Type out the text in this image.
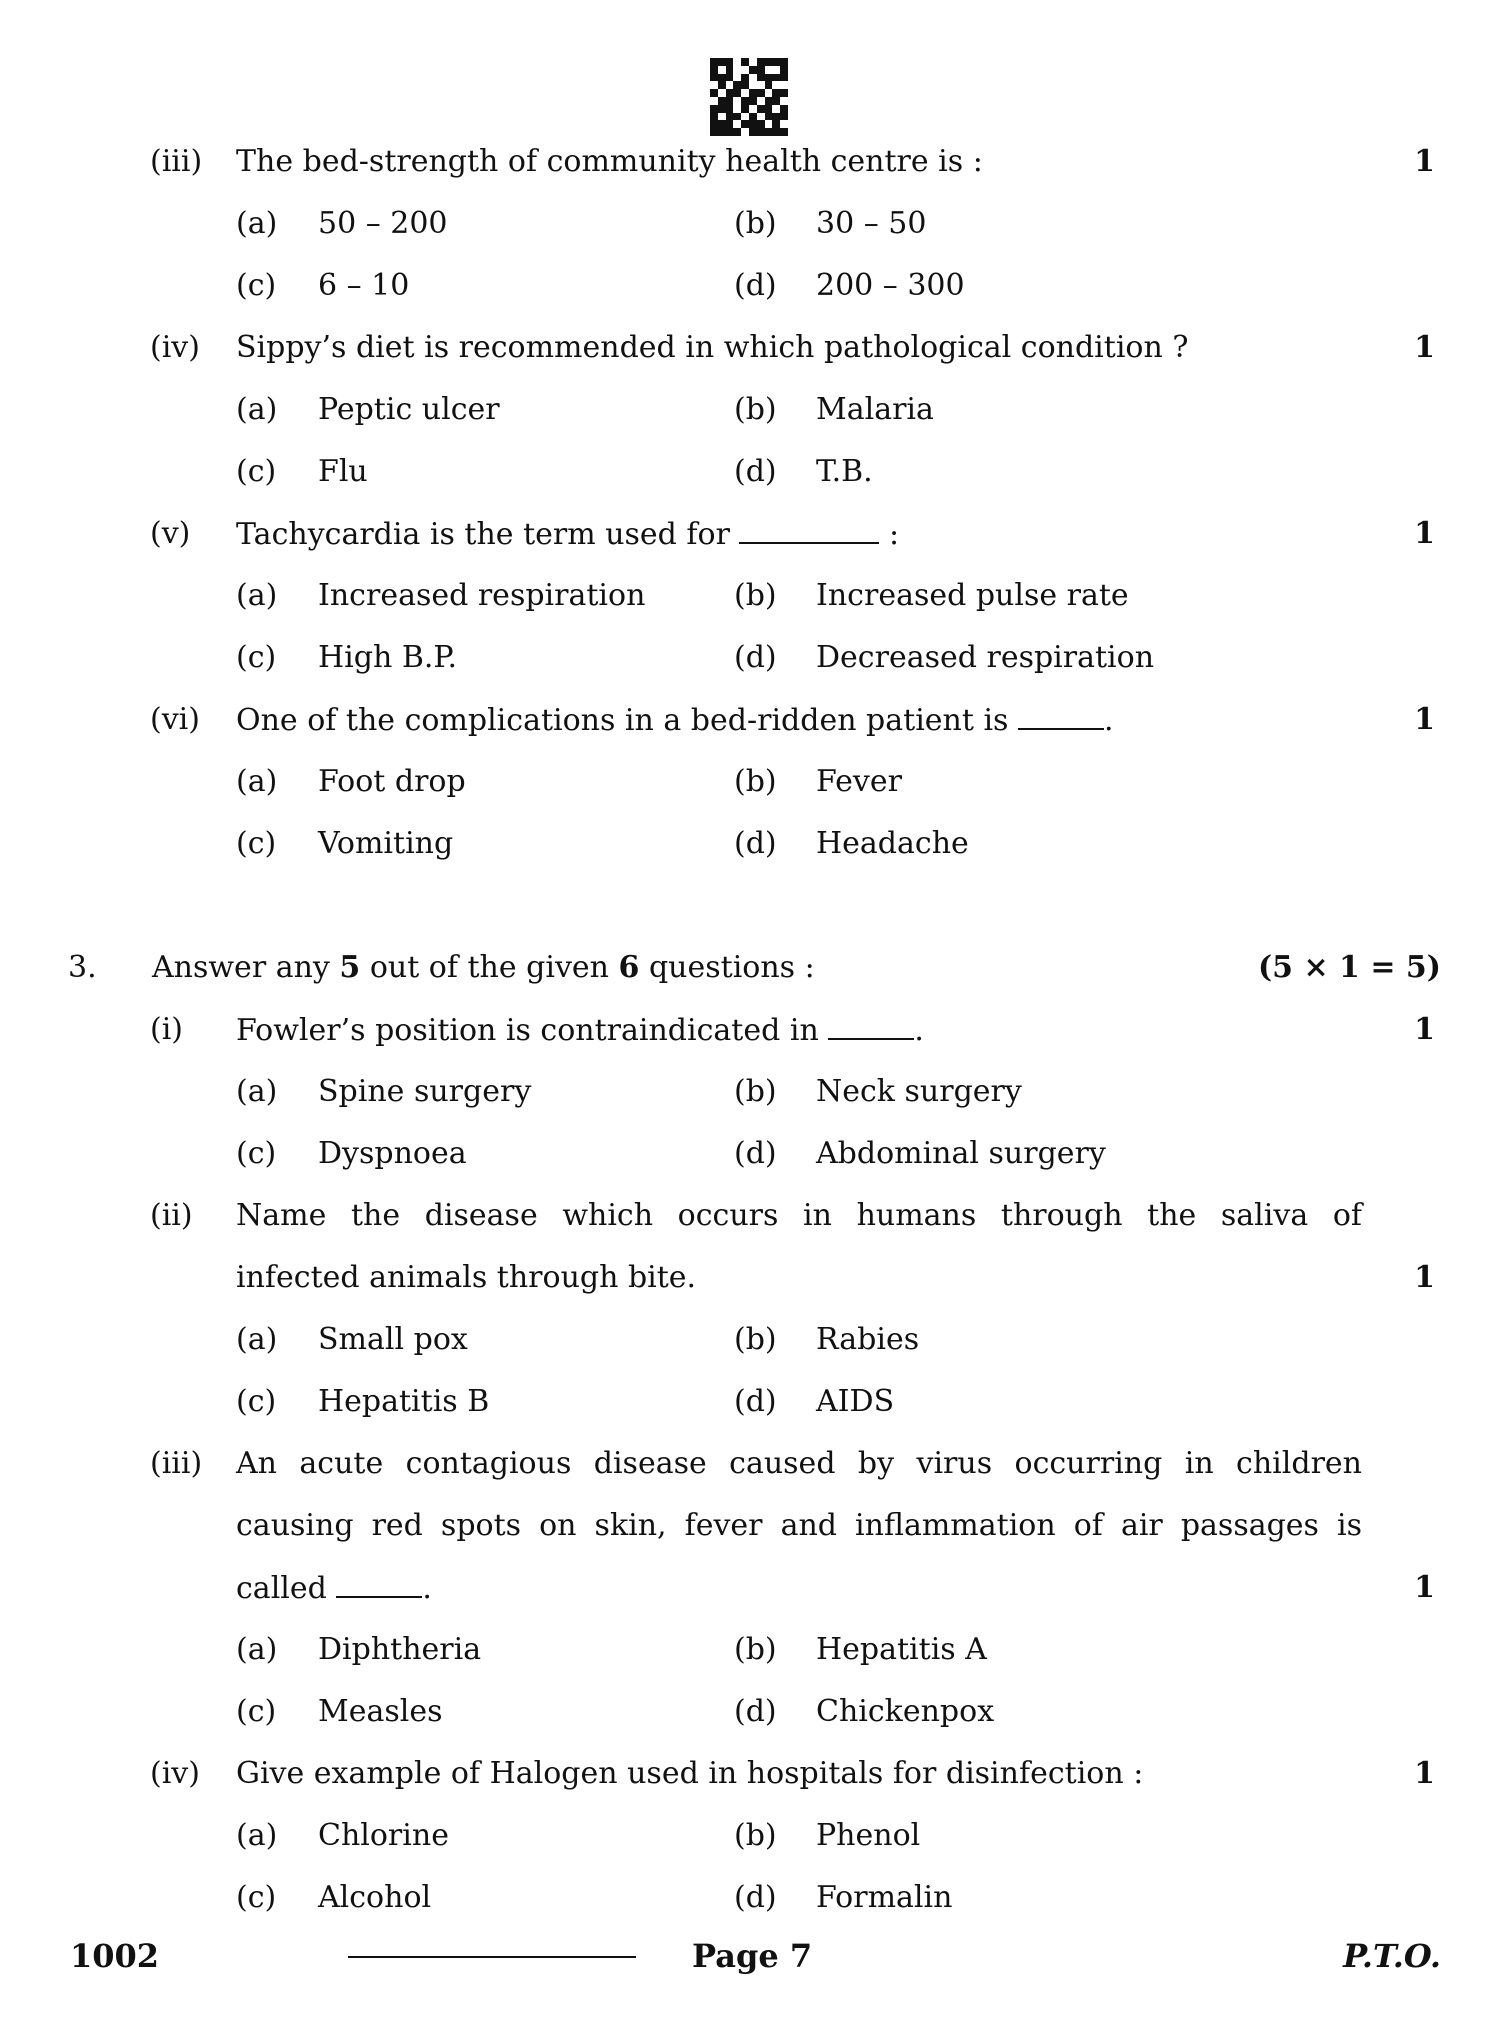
(iii) The bed-strength of community health centre is :	1
(a) 50 – 200	(b) 30 – 50
(c) 6 – 10	(d) 200 – 300
(iv) Sippy’s diet is recommended in which pathological condition ?	1
(a) Peptic ulcer	(b) Malaria
(c) Flu	(d) T.B.
(v) Tachycardia is the term used for	:	1
(a) Increased respiration	(b) Increased pulse rate
(c) High B.P.	(d) Decreased respiration
(vi) One of the complications in a bed-ridden patient is	.	1
(a) Foot drop	(b) Fever
(c) Vomiting	(d) Headache
3. Answer any 5 out of the given 6 questions :	(5 × 1 = 5)
(i) Fowler’s position is contraindicated in	.	1
(a) Spine surgery	(b) Neck surgery
(c) Dyspnoea	(d) Abdominal surgery
(ii) Name the disease which occurs in humans through the saliva of
infected animals through bite.	1
(a) Small pox	(b) Rabies
(c) Hepatitis B	(d) AIDS
(iii) An acute contagious disease caused by virus occurring in children
causing red spots on skin, fever and inflammation of air passages is
called	.	1
(a) Diphtheria	(b) Hepatitis A
(c) Measles	(d) Chickenpox
(iv) Give example of Halogen used in hospitals for disinfection :	1
(a) Chlorine	(b) Phenol
(c) Alcohol	(d) Formalin
1002	Page 7	P.T.O.
